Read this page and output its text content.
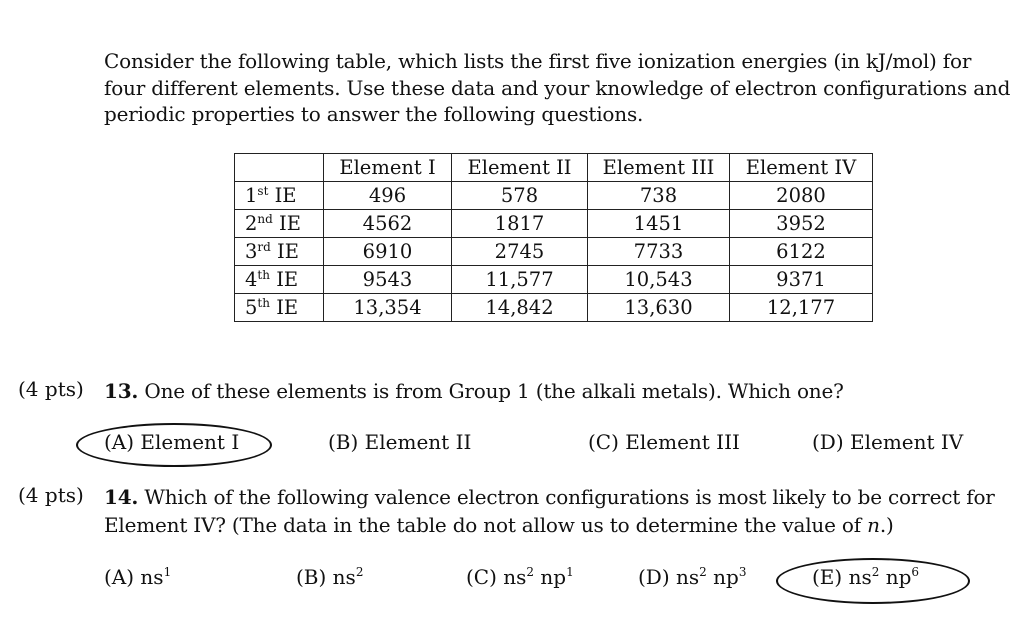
Consider the following table, which lists the first five ionization energies (in kJ/mol) for
four different elements. Use these data and your knowledge of electron configurations and
periodic properties to answer the following questions.
	Element I	Element II	Element III	Element IV
1st IE	496	578	738	2080
2nd IE	4562	1817	1451	3952
3rd IE	6910	2745	7733	6122
4th IE	9543	11,577	10,543	9371
5th IE	13,354	14,842	13,630	12,177
(4 pts) 13. One of these elements is from Group 1 (the alkali metals). Which one?
(A) Element I	(B) Element II	(C) Element III	(D) Element IV
(4 pts) 14. Which of the following valence electron configurations is most likely to be correct for
Element IV? (The data in the table do not allow us to determine the value of n.)
(A) $ns^1$	(B) $ns^2$	(C) $ns^2$ $np^1$	(D) $ns^2$ $np^3$	(E) $ns^2$ $np^6$
